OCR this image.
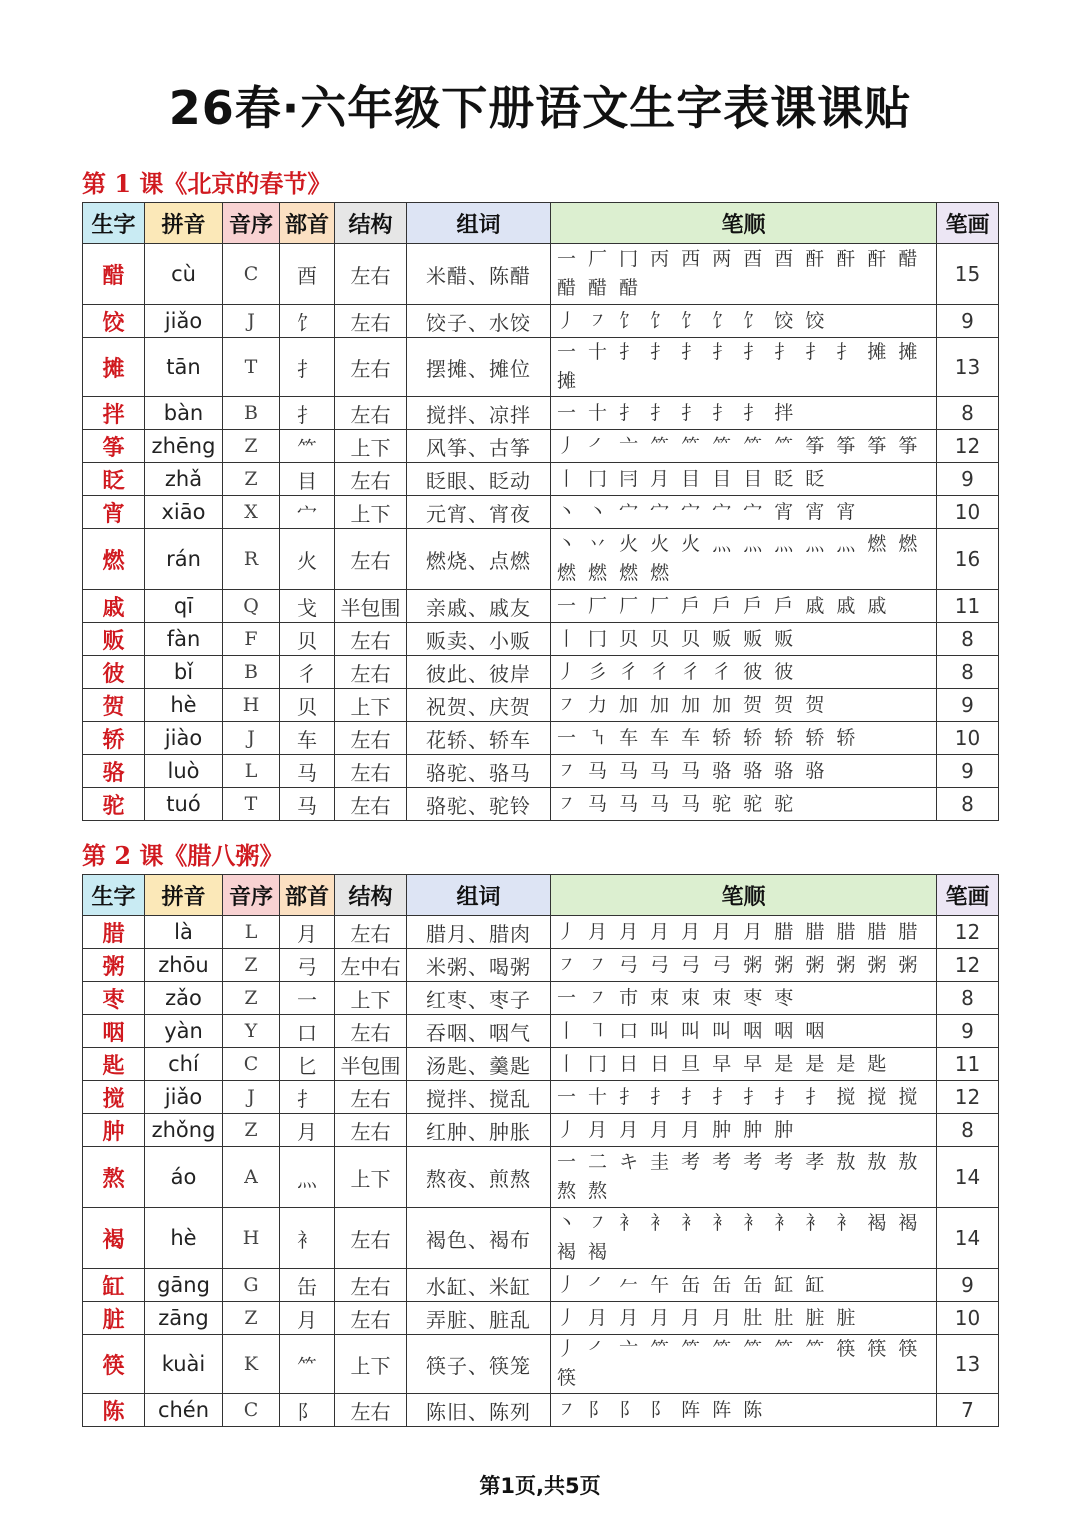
26春·六年级下册语文生字表课课贴
第 1 课《北京的春节》
生字	拼音	音序	部首	结构	组词	笔顺	笔画
醋	cù	C	酉	左右	米醋、陈醋	一 厂 冂 丙 西 两 酉 酉 酐 酐 酐 醋 醋 醋 醋	15
饺	jiǎo	J	饣	左右	饺子、水饺	丿 ㇇ 饣 饣 饣 饣 饣 饺 饺	9
摊	tān	T	扌	左右	摆摊、摊位	一 十 扌 扌 扌 扌 扌 扌 扌 扌 摊 摊 摊	13
拌	bàn	B	扌	左右	搅拌、凉拌	一 十 扌 扌 扌 扌 扌 拌	8
筝	zhēng	Z	⺮	上下	风筝、古筝	丿 ㇒ 亠 ⺮ ⺮ ⺮ ⺮ ⺮ 筝 筝 筝 筝	12
眨	zhǎ	Z	目	左右	眨眼、眨动	丨 冂 冃 月 目 目 目 眨 眨	9
宵	xiāo	X	宀	上下	元宵、宵夜	丶 丶 宀 宀 宀 宀 宀 宵 宵 宵	10
燃	rán	R	火	左右	燃烧、点燃	丶 丷 火 火 火 灬 灬 灬 灬 灬 燃 燃 燃 燃 燃 燃	16
戚	qī	Q	戈	半包围	亲戚、戚友	一 厂 厂 厂 戶 戶 戶 戶 戚 戚 戚	11
贩	fàn	F	贝	左右	贩卖、小贩	丨 冂 贝 贝 贝 贩 贩 贩	8
彼	bǐ	B	彳	左右	彼此、彼岸	丿 彡 彳 彳 彳 彳 彼 彼	8
贺	hè	H	贝	上下	祝贺、庆贺	㇇ 力 加 加 加 加 贺 贺 贺	9
轿	jiào	J	车	左右	花轿、轿车	一 ㇎ 车 车 车 轿 轿 轿 轿 轿	10
骆	luò	L	马	左右	骆驼、骆马	㇇ 马 马 马 马 骆 骆 骆 骆	9
驼	tuó	T	马	左右	骆驼、驼铃	㇇ 马 马 马 马 驼 驼 驼	8
第 2 课《腊八粥》
生字	拼音	音序	部首	结构	组词	笔顺	笔画
腊	là	L	月	左右	腊月、腊肉	丿 月 月 月 月 月 月 腊 腊 腊 腊 腊	12
粥	zhōu	Z	弓	左中右	米粥、喝粥	㇇ ㇇ 弓 弓 弓 弓 粥 粥 粥 粥 粥 粥	12
枣	zǎo	Z	一	上下	红枣、枣子	一 ㇇ 巿 朿 朿 朿 枣 枣	8
咽	yàn	Y	口	左右	吞咽、咽气	丨 ㇕ 口 叫 叫 叫 咽 咽 咽	9
匙	chí	C	匕	半包围	汤匙、羹匙	丨 冂 日 日 旦 早 早 是 是 是 匙	11
搅	jiǎo	J	扌	左右	搅拌、搅乱	一 十 扌 扌 扌 扌 扌 扌 扌 搅 搅 搅	12
肿	zhǒng	Z	月	左右	红肿、肿胀	丿 月 月 月 月 肿 肿 肿	8
熬	áo	A	灬	上下	熬夜、煎熬	一 二 キ 圭 考 考 考 考 孝 敖 敖 敖 熬 熬	14
褐	hè	H	衤	左右	褐色、褐布	丶 ㇇ 衤 衤 衤 衤 衤 衤 衤 衤 褐 褐 褐 褐	14
缸	gāng	G	缶	左右	水缸、米缸	丿 ㇒ 𠂉 午 缶 缶 缶 缸 缸	9
脏	zāng	Z	月	左右	弄脏、脏乱	丿 月 月 月 月 月 肚 肚 脏 脏	10
筷	kuài	K	⺮	上下	筷子、筷笼	丿 ㇒ 亠 ⺮ ⺮ ⺮ ⺮ ⺮ ⺮ 筷 筷 筷 筷	13
陈	chén	C	阝	左右	陈旧、陈列	㇇ 阝 阝 阝 阵 阵 陈	7
第1页,共5页
